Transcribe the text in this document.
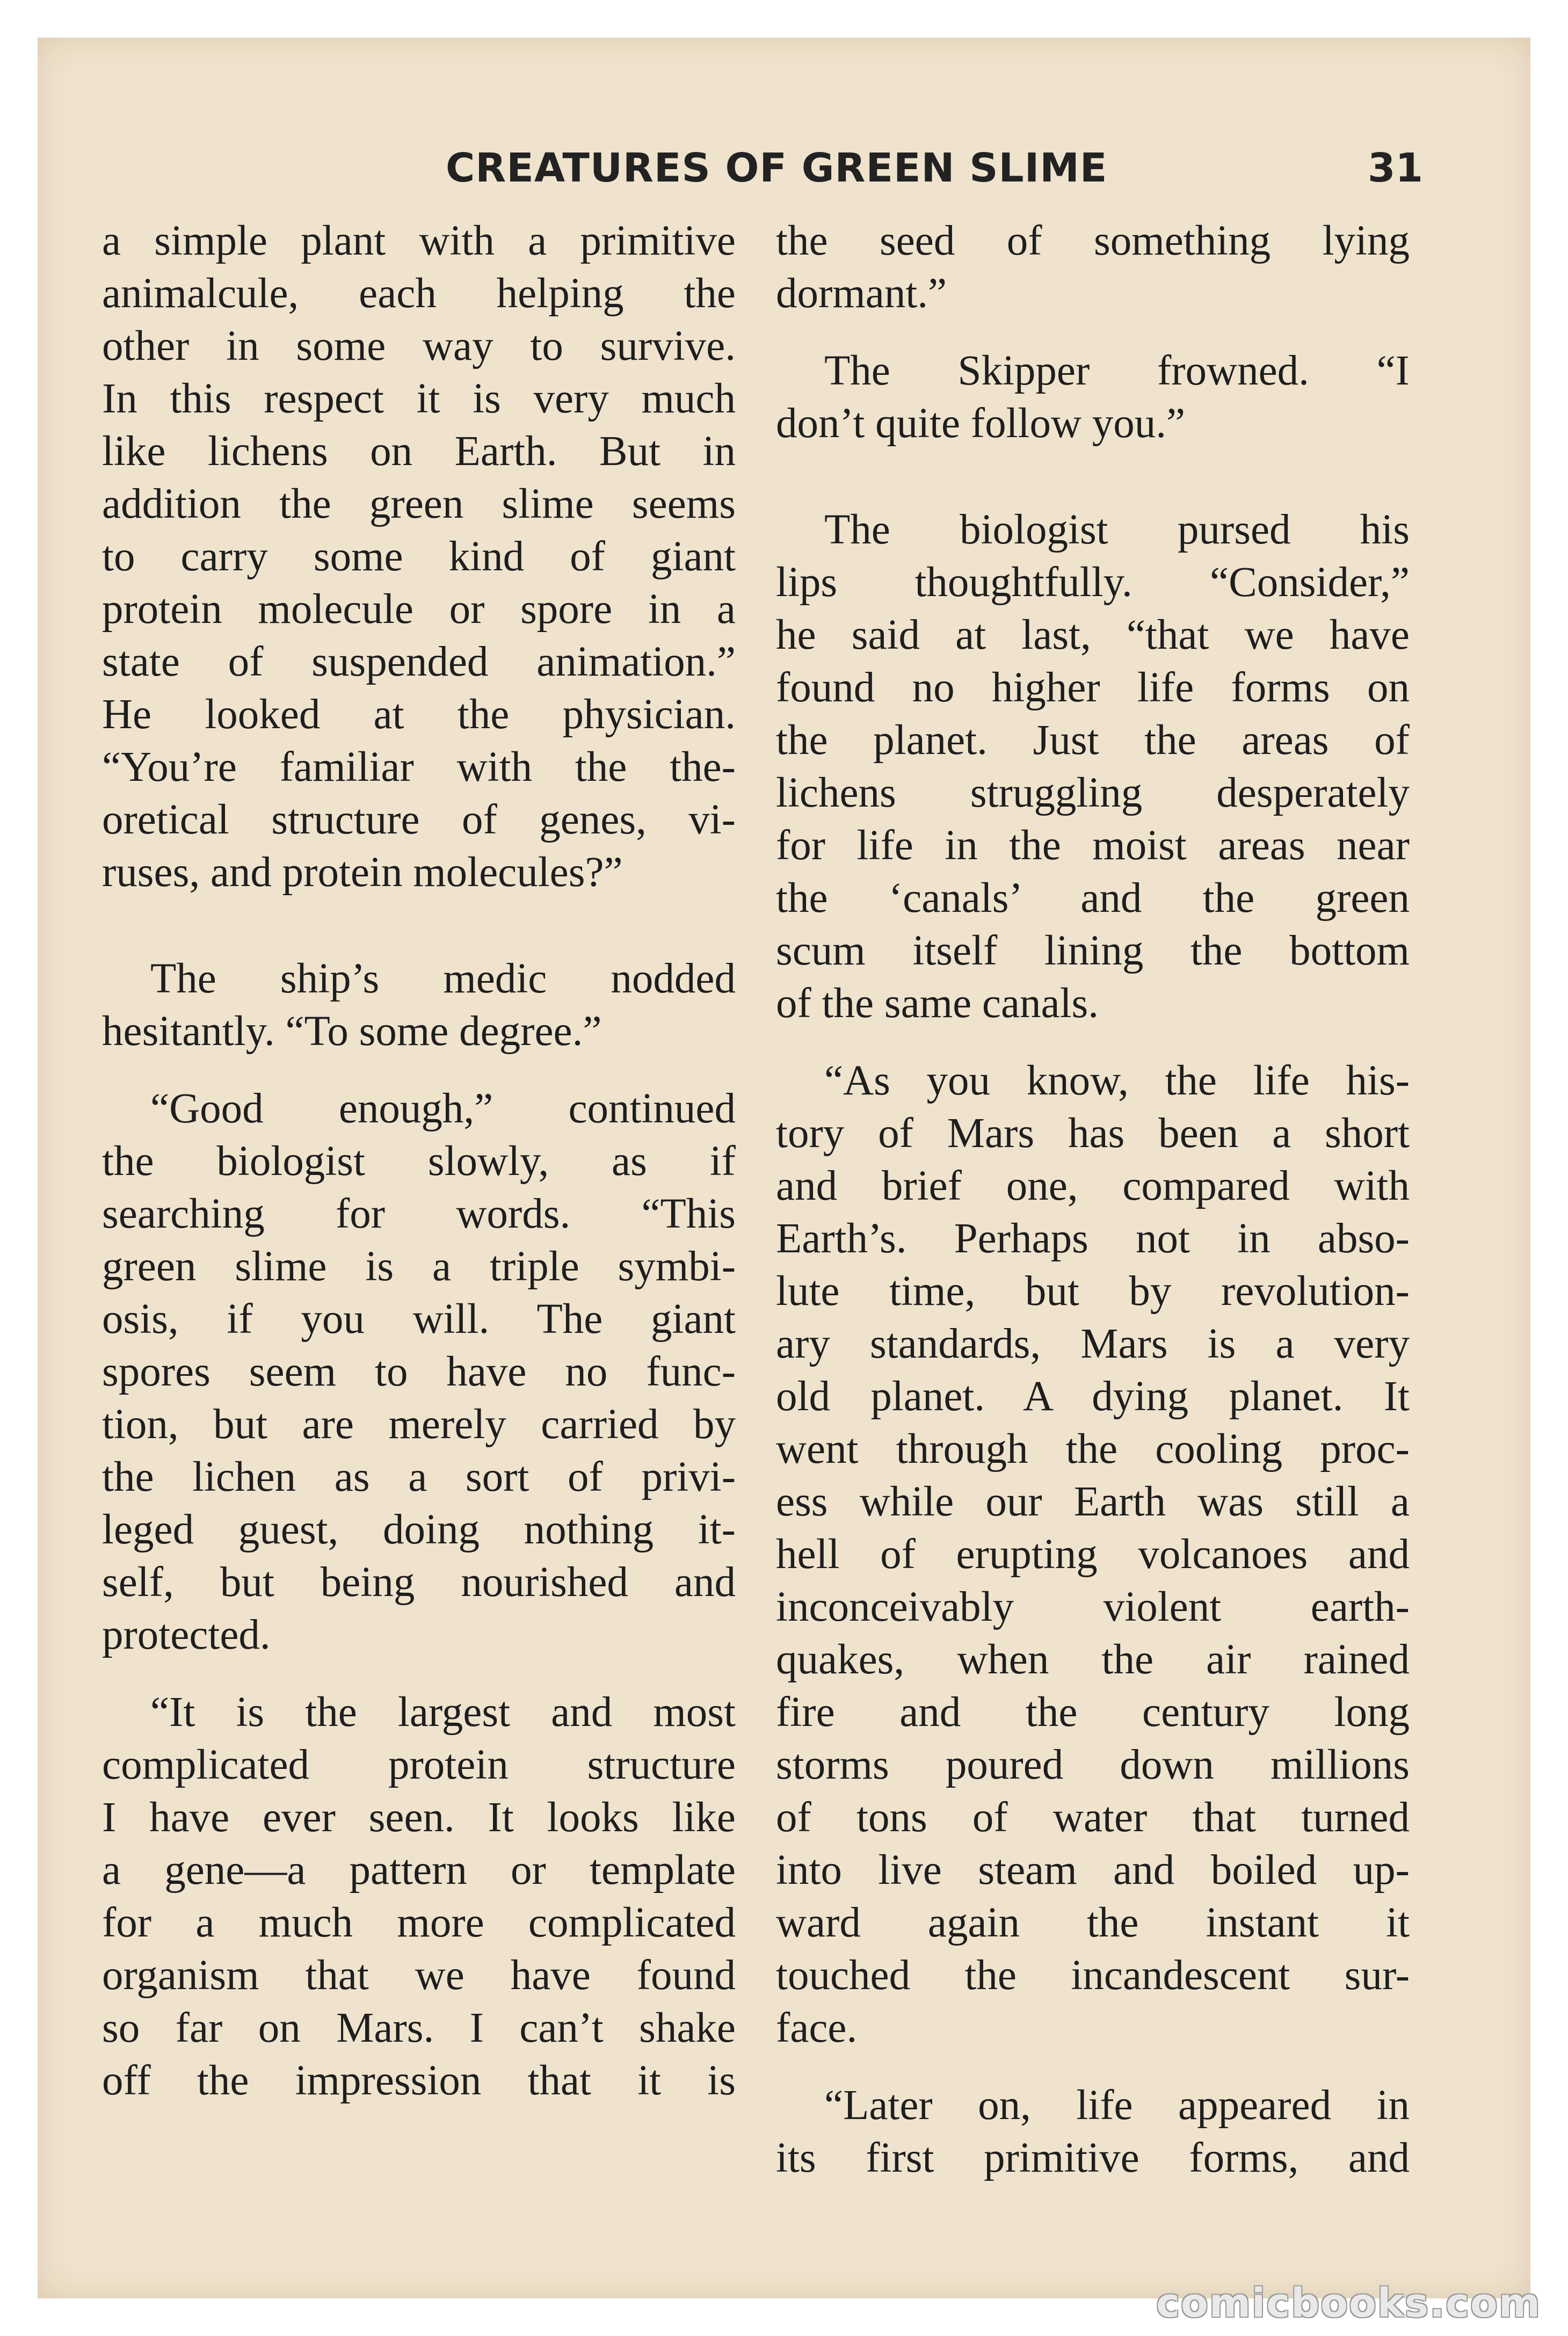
CREATURES OF GREEN SLIME	31

a simple plant with a primitive
animalcule, each helping the
other in some way to survive.
In this respect it is very much
like lichens on Earth. But in
addition the green slime seems
to carry some kind of giant
protein molecule or spore in a
state of suspended animation.”
He looked at the physician.
“You’re familiar with the the-
oretical structure of genes, vi-
ruses, and protein molecules?”

The ship’s medic nodded
hesitantly. “To some degree.”

“Good enough,” continued
the biologist slowly, as if
searching for words. “This
green slime is a triple symbi-
osis, if you will. The giant
spores seem to have no func-
tion, but are merely carried by
the lichen as a sort of privi-
leged guest, doing nothing it-
self, but being nourished and
protected.

“It is the largest and most
complicated protein structure
I have ever seen. It looks like
a gene—a pattern or template
for a much more complicated
organism that we have found
so far on Mars. I can’t shake
off the impression that it is

the seed of something lying
dormant.”

The Skipper frowned. “I
don’t quite follow you.”

The biologist pursed his
lips thoughtfully. “Consider,”
he said at last, “that we have
found no higher life forms on
the planet. Just the areas of
lichens struggling desperately
for life in the moist areas near
the ‘canals’ and the green
scum itself lining the bottom
of the same canals.

“As you know, the life his-
tory of Mars has been a short
and brief one, compared with
Earth’s. Perhaps not in abso-
lute time, but by revolution-
ary standards, Mars is a very
old planet. A dying planet. It
went through the cooling proc-
ess while our Earth was still a
hell of erupting volcanoes and
inconceivably violent earth-
quakes, when the air rained
fire and the century long
storms poured down millions
of tons of water that turned
into live steam and boiled up-
ward again the instant it
touched the incandescent sur-
face.

“Later on, life appeared in
its first primitive forms, and

comicbooks.com
